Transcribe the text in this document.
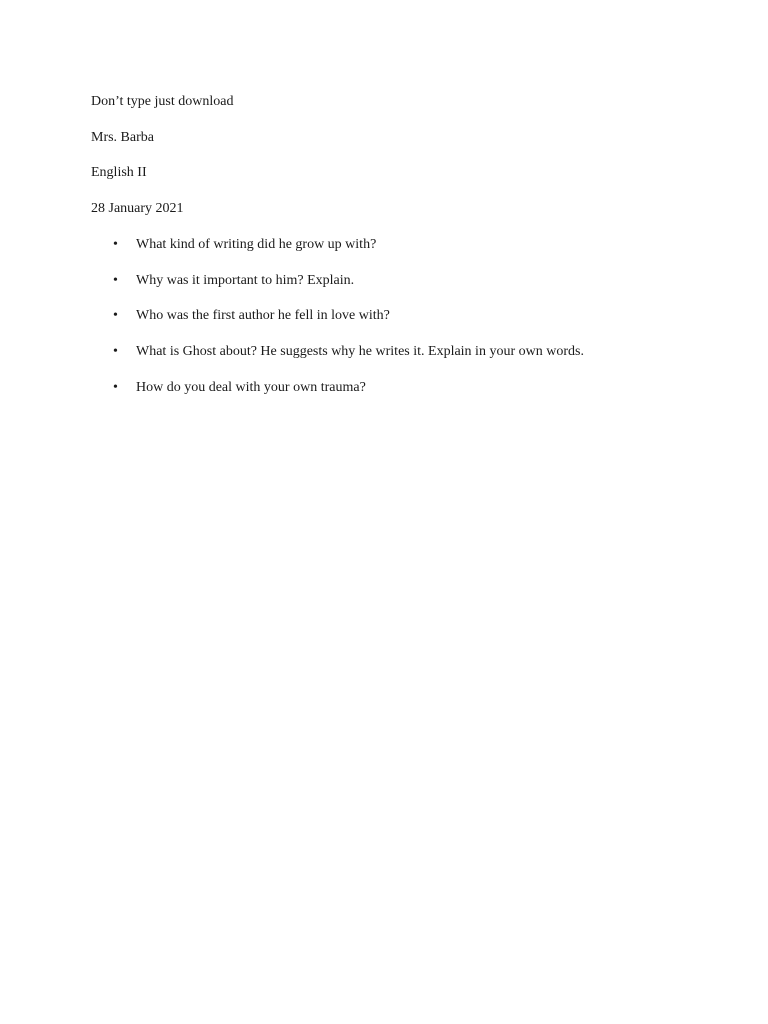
Don’t type just download
Mrs. Barba
English II
28 January 2021
•	What kind of writing did he grow up with?
•	Why was it important to him? Explain.
•	Who was the first author he fell in love with?
•	What is Ghost about? He suggests why he writes it. Explain in your own words.
•	How do you deal with your own trauma?
